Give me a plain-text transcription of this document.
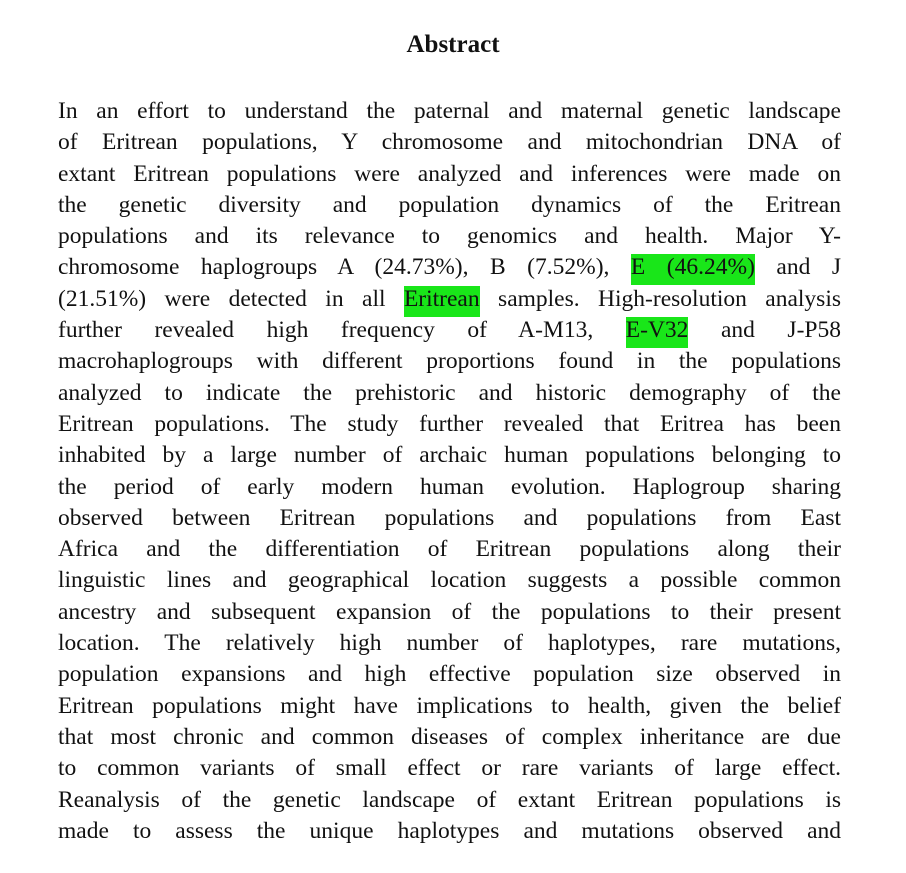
Abstract
In an effort to understand the paternal and maternal genetic landscape
of Eritrean populations, Y chromosome and mitochondrian DNA of
extant Eritrean populations were analyzed and inferences were made on
the genetic diversity and population dynamics of the Eritrean
populations and its relevance to genomics and health. Major Y-
chromosome haplogroups A (24.73%), B (7.52%), E (46.24%) and J
(21.51%) were detected in all Eritrean samples. High-resolution analysis
further revealed high frequency of A-M13, E-V32 and J-P58
macrohaplogroups with different proportions found in the populations
analyzed to indicate the prehistoric and historic demography of the
Eritrean populations. The study further revealed that Eritrea has been
inhabited by a large number of archaic human populations belonging to
the period of early modern human evolution. Haplogroup sharing
observed between Eritrean populations and populations from East
Africa and the differentiation of Eritrean populations along their
linguistic lines and geographical location suggests a possible common
ancestry and subsequent expansion of the populations to their present
location. The relatively high number of haplotypes, rare mutations,
population expansions and high effective population size observed in
Eritrean populations might have implications to health, given the belief
that most chronic and common diseases of complex inheritance are due
to common variants of small effect or rare variants of large effect.
Reanalysis of the genetic landscape of extant Eritrean populations is
made to assess the unique haplotypes and mutations observed and
